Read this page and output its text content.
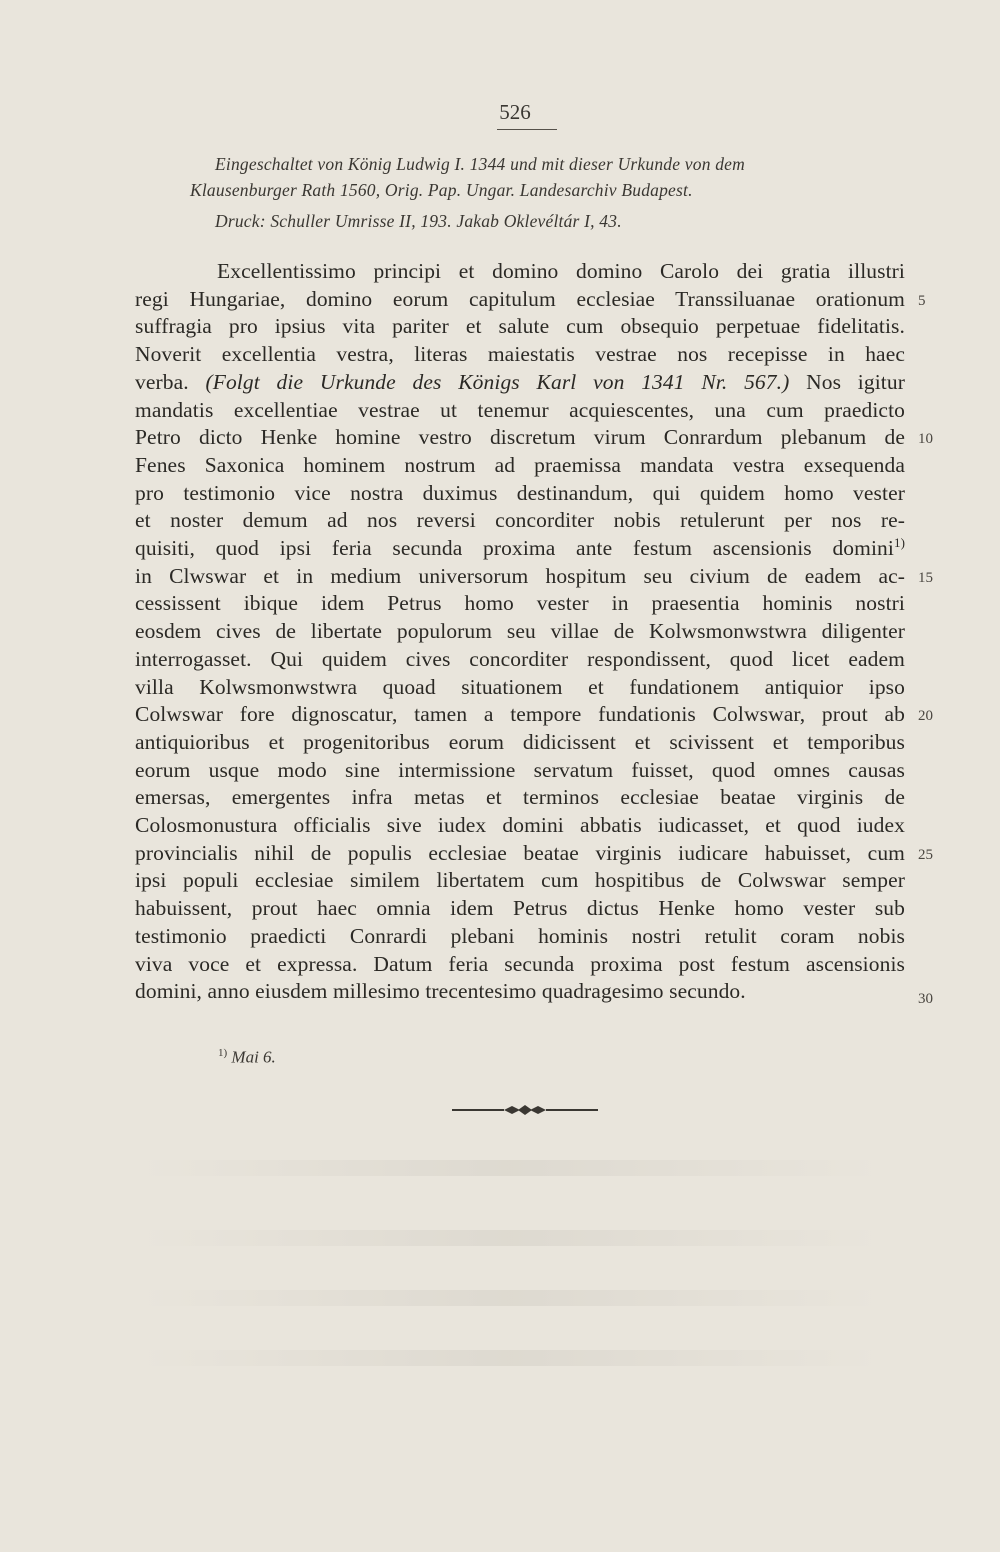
526
Eingeschaltet von König Ludwig I. 1344 und mit dieser Urkunde von dem
Klausenburger Rath 1560, Orig. Pap. Ungar. Landesarchiv Budapest.
Druck: Schuller Umrisse II, 193. Jakab Oklevéltár I, 43.
Excellentissimo principi et domino domino Carolo dei gratia illustri
regi Hungariae, domino eorum capitulum ecclesiae Transsiluanae orationum
suffragia pro ipsius vita pariter et salute cum obsequio perpetuae fidelitatis.
Noverit excellentia vestra, literas maiestatis vestrae nos recepisse in haec
verba. (Folgt die Urkunde des Königs Karl von 1341 Nr. 567.) Nos igitur
mandatis excellentiae vestrae ut tenemur acquiescentes, una cum praedicto
Petro dicto Henke homine vestro discretum virum Conrardum plebanum de
Fenes Saxonica hominem nostrum ad praemissa mandata vestra exsequenda
pro testimonio vice nostra duximus destinandum, qui quidem homo vester
et noster demum ad nos reversi concorditer nobis retulerunt per nos re-
quisiti, quod ipsi feria secunda proxima ante festum ascensionis domini$^{1)}$
in Clwswar et in medium universorum hospitum seu civium de eadem ac-
cessissent ibique idem Petrus homo vester in praesentia hominis nostri
eosdem cives de libertate populorum seu villae de Kolwsmonwstwra diligenter
interrogasset. Qui quidem cives concorditer respondissent, quod licet eadem
villa Kolwsmonwstwra quoad situationem et fundationem antiquior ipso
Colwswar fore dignoscatur, tamen a tempore fundationis Colwswar, prout ab
antiquioribus et progenitoribus eorum didicissent et scivissent et temporibus
eorum usque modo sine intermissione servatum fuisset, quod omnes causas
emersas, emergentes infra metas et terminos ecclesiae beatae virginis de
Colosmonustura officialis sive iudex domini abbatis iudicasset, et quod iudex
provincialis nihil de populis ecclesiae beatae virginis iudicare habuisset, cum
ipsi populi ecclesiae similem libertatem cum hospitibus de Colwswar semper
habuissent, prout haec omnia idem Petrus dictus Henke homo vester sub
testimonio praedicti Conrardi plebani hominis nostri retulit coram nobis
viva voce et expressa. Datum feria secunda proxima post festum ascensionis
domini, anno eiusdem millesimo trecentesimo quadragesimo secundo.
5
10
15
20
25
30
$^{1)}$ Mai 6.
